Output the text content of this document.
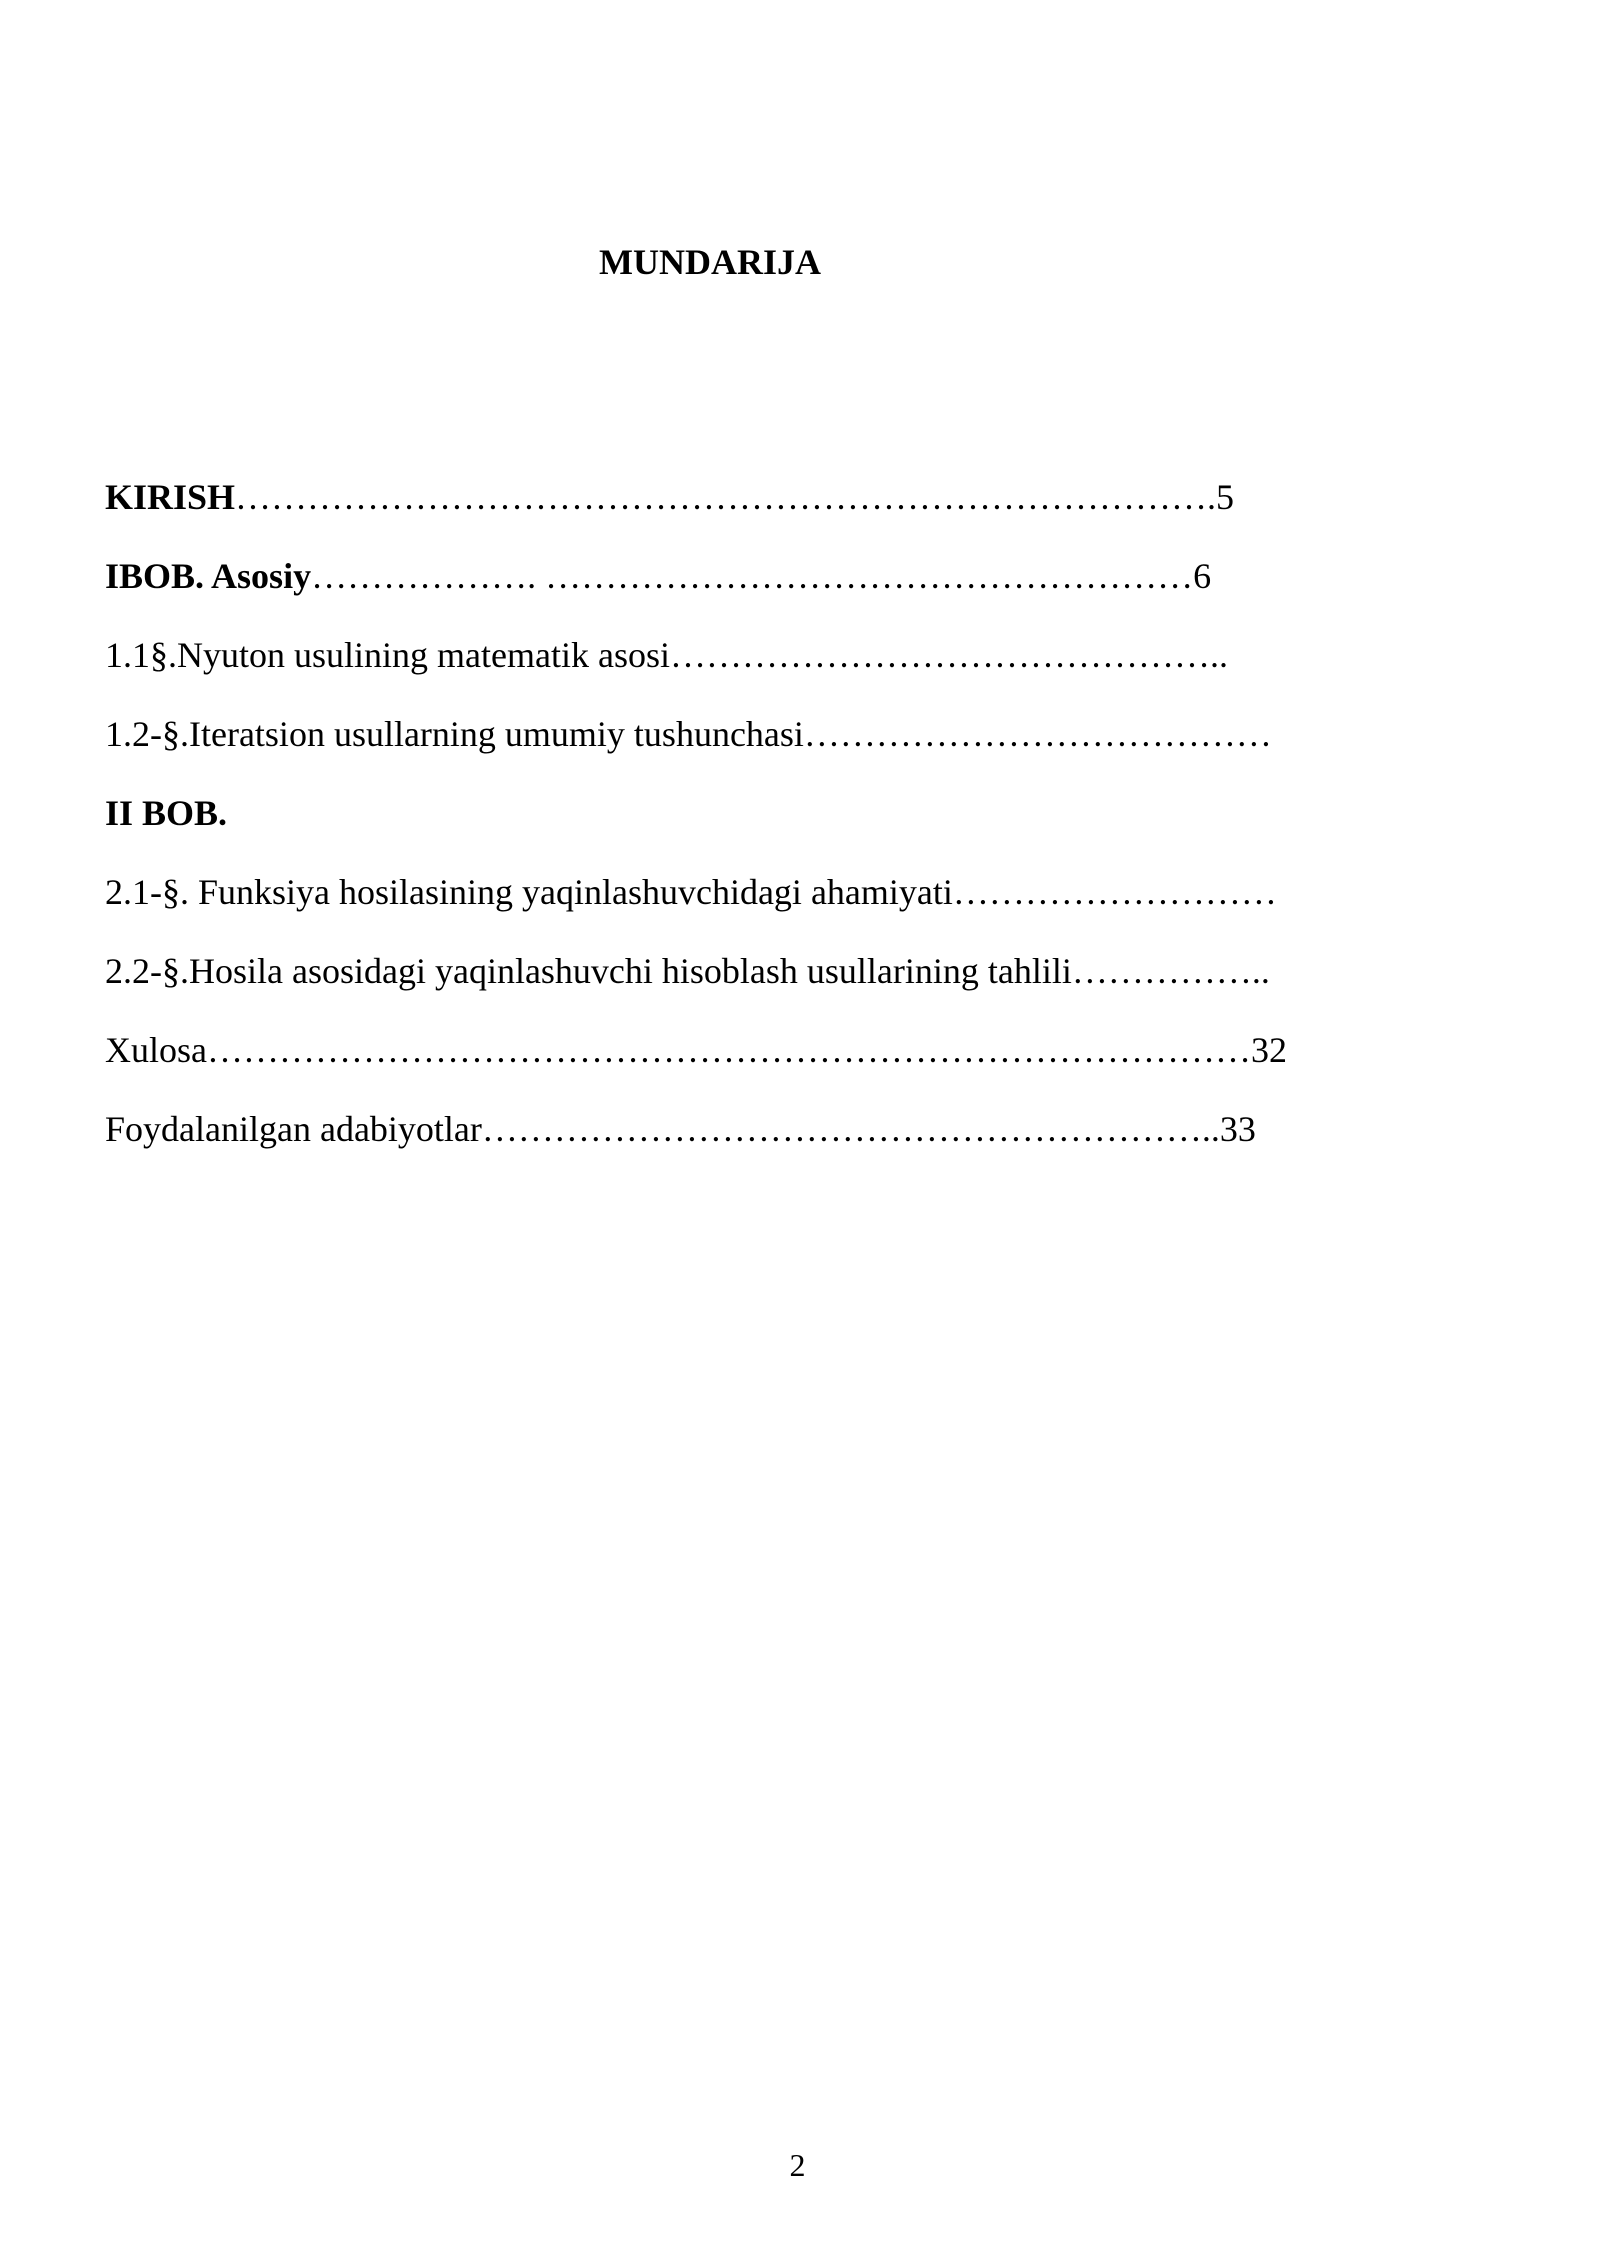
MUNDARIJA
KIRISH……………………………………………………………………….5
IBOB. Asosiy………………. ………………………………………………6
1.1§.Nyuton usulining matematik asosi………………………………………..
1.2-§.Iteratsion usullarning umumiy tushunchasi…………………………………
II BOB.
2.1-§. Funksiya hosilasining yaqinlashuvchidagi ahamiyati………………………
2.2-§.Hosila asosidagi yaqinlashuvchi hisoblash usullarining tahlili……………..
Xulosa……………………………………………………………………………32
Foydalanilgan adabiyotlar……………………………………………………..33
2
